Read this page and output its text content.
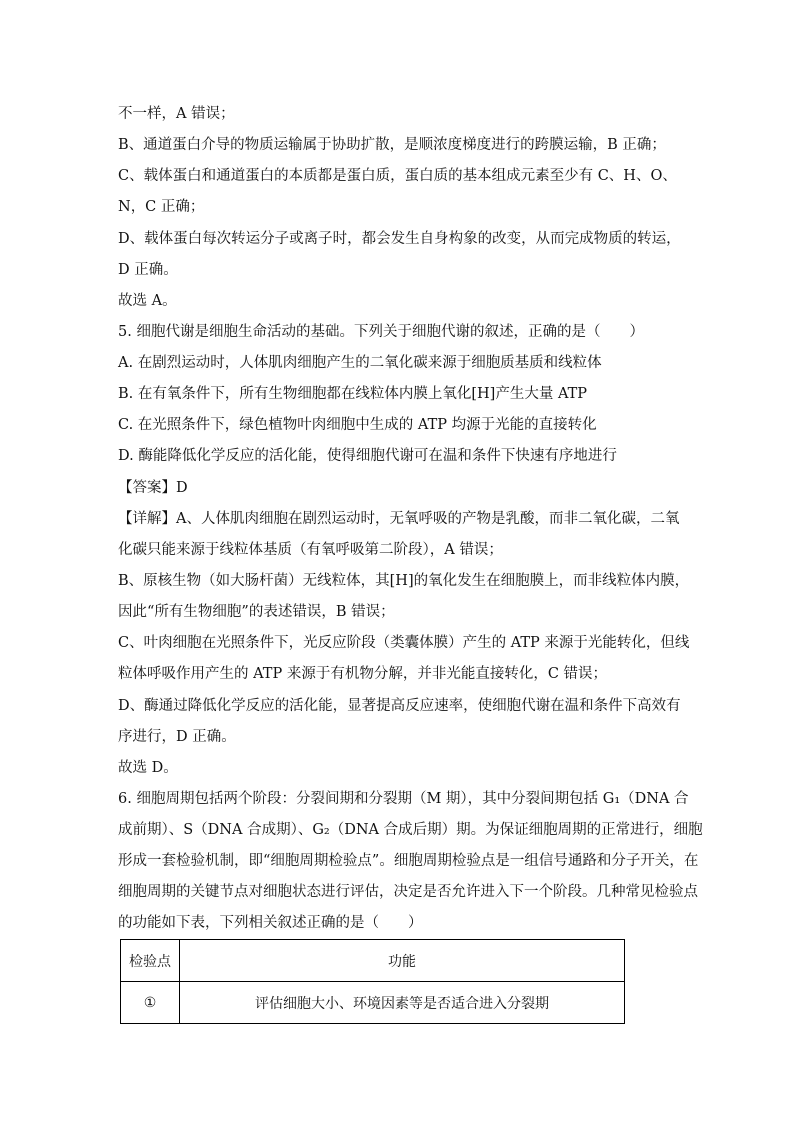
不一样，A 错误；
B、通道蛋白介导的物质运输属于协助扩散，是顺浓度梯度进行的跨膜运输，B 正确；
C、载体蛋白和通道蛋白的本质都是蛋白质，蛋白质的基本组成元素至少有 C、H、O、
N，C 正确；
D、载体蛋白每次转运分子或离子时，都会发生自身构象的改变，从而完成物质的转运，
D 正确。
故选 A。
5. 细胞代谢是细胞生命活动的基础。下列关于细胞代谢的叙述，正确的是（　　）
A. 在剧烈运动时，人体肌肉细胞产生的二氧化碳来源于细胞质基质和线粒体
B. 在有氧条件下，所有生物细胞都在线粒体内膜上氧化[H]产生大量 ATP
C. 在光照条件下，绿色植物叶肉细胞中生成的 ATP 均源于光能的直接转化
D. 酶能降低化学反应的活化能，使得细胞代谢可在温和条件下快速有序地进行
【答案】D
【详解】A、人体肌肉细胞在剧烈运动时，无氧呼吸的产物是乳酸，而非二氧化碳，二氧
化碳只能来源于线粒体基质（有氧呼吸第二阶段），A 错误；
B、原核生物（如大肠杆菌）无线粒体，其[H]的氧化发生在细胞膜上，而非线粒体内膜，
因此“所有生物细胞”的表述错误，B 错误；
C、叶肉细胞在光照条件下，光反应阶段（类囊体膜）产生的 ATP 来源于光能转化，但线
粒体呼吸作用产生的 ATP 来源于有机物分解，并非光能直接转化，C 错误；
D、酶通过降低化学反应的活化能，显著提高反应速率，使细胞代谢在温和条件下高效有
序进行，D 正确。
故选 D。
6. 细胞周期包括两个阶段：分裂间期和分裂期（M 期），其中分裂间期包括 G₁（DNA 合
成前期）、S（DNA 合成期）、G₂（DNA 合成后期）期。为保证细胞周期的正常进行，细胞
形成一套检验机制，即“细胞周期检验点”。细胞周期检验点是一组信号通路和分子开关，在
细胞周期的关键节点对细胞状态进行评估，决定是否允许进入下一个阶段。几种常见检验点
的功能如下表，下列相关叙述正确的是（　　）
检验点	功能
①	评估细胞大小、环境因素等是否适合进入分裂期
